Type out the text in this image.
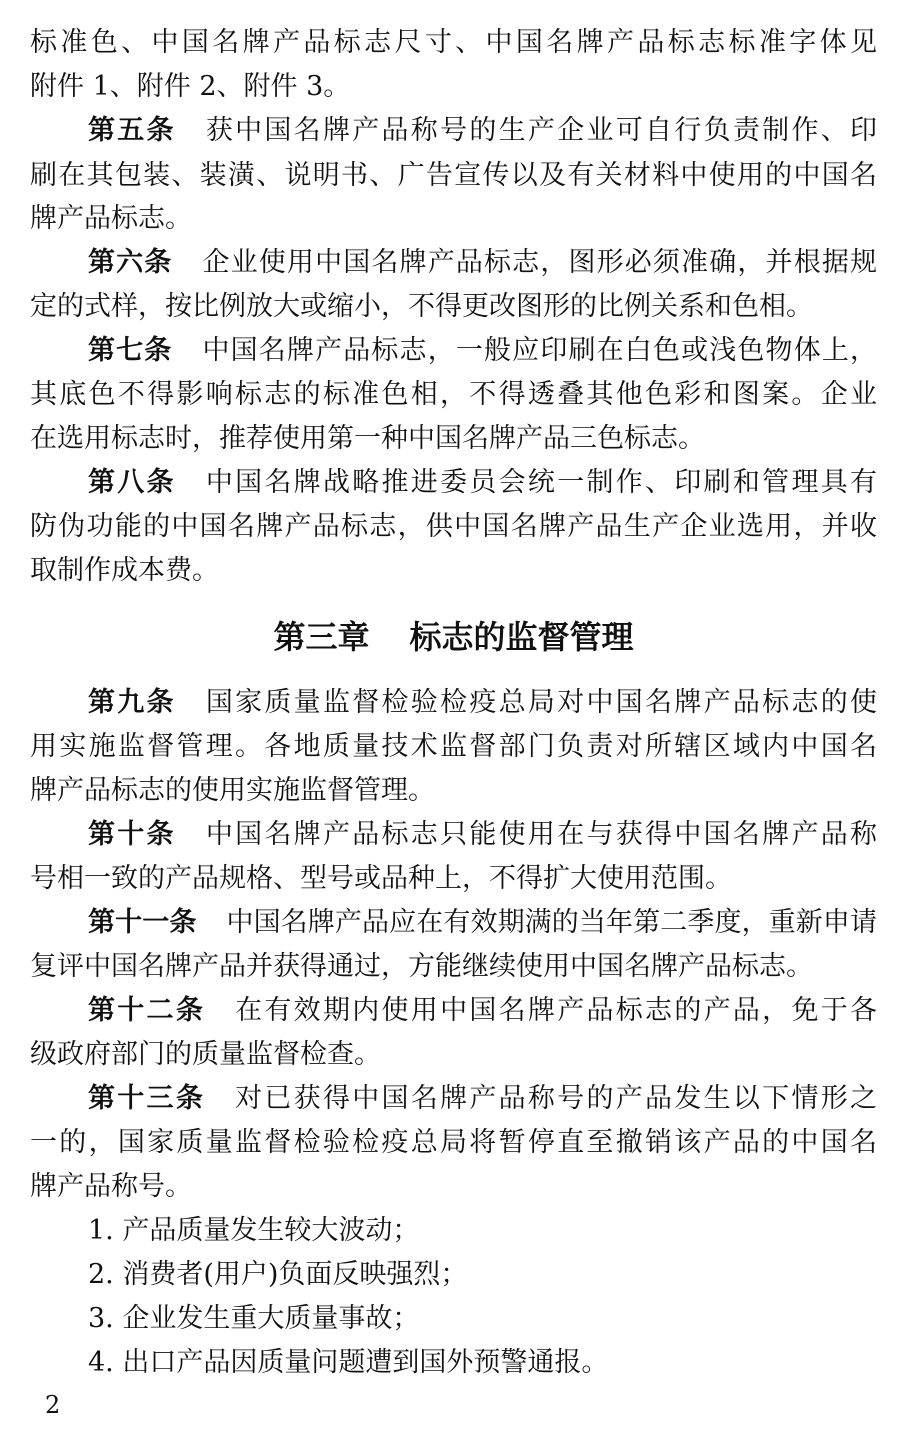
标准色、中国名牌产品标志尺寸、中国名牌产品标志标准字体见
附件 1、附件 2、附件 3。
第五条 获中国名牌产品称号的生产企业可自行负责制作、印
刷在其包装、装潢、说明书、广告宣传以及有关材料中使用的中国名
牌产品标志。
第六条 企业使用中国名牌产品标志，图形必须准确，并根据规
定的式样，按比例放大或缩小，不得更改图形的比例关系和色相。
第七条 中国名牌产品标志，一般应印刷在白色或浅色物体上，
其底色不得影响标志的标准色相，不得透叠其他色彩和图案。企业
在选用标志时，推荐使用第一种中国名牌产品三色标志。
第八条 中国名牌战略推进委员会统一制作、印刷和管理具有
防伪功能的中国名牌产品标志，供中国名牌产品生产企业选用，并收
取制作成本费。
第三章 标志的监督管理
第九条 国家质量监督检验检疫总局对中国名牌产品标志的使
用实施监督管理。各地质量技术监督部门负责对所辖区域内中国名
牌产品标志的使用实施监督管理。
第十条 中国名牌产品标志只能使用在与获得中国名牌产品称
号相一致的产品规格、型号或品种上，不得扩大使用范围。
第十一条 中国名牌产品应在有效期满的当年第二季度，重新申请
复评中国名牌产品并获得通过，方能继续使用中国名牌产品标志。
第十二条 在有效期内使用中国名牌产品标志的产品，免于各
级政府部门的质量监督检查。
第十三条 对已获得中国名牌产品称号的产品发生以下情形之
一的，国家质量监督检验检疫总局将暂停直至撤销该产品的中国名
牌产品称号。
1. 产品质量发生较大波动；
2. 消费者(用户)负面反映强烈；
3. 企业发生重大质量事故；
4. 出口产品因质量问题遭到国外预警通报。
2
